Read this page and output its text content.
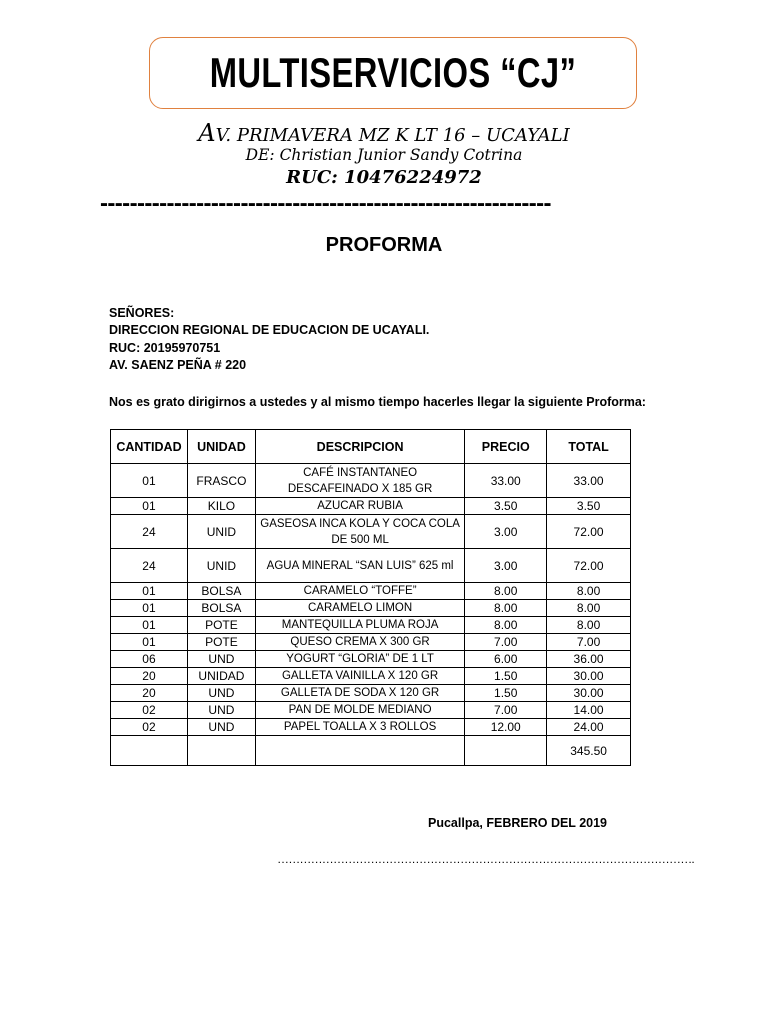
MULTISERVICIOS “CJ”
AV. PRIMAVERA MZ K LT 16 – UCAYALI
DE: Christian Junior Sandy Cotrina
RUC: 10476224972
-------------------------------------------------------------
PROFORMA
SEÑORES:
DIRECCION REGIONAL DE EDUCACION DE UCAYALI.
RUC: 20195970751
AV. SAENZ PEÑA # 220
Nos es grato dirigirnos a ustedes y al mismo tiempo hacerles llegar la siguiente Proforma:
CANTIDAD	UNIDAD	DESCRIPCION	PRECIO	TOTAL
01	FRASCO	CAFÉ INSTANTANEO DESCAFEINADO X 185 GR	33.00	33.00
01	KILO	AZUCAR RUBIA	3.50	3.50
24	UNID	GASEOSA INCA KOLA Y COCA COLA DE 500 ML	3.00	72.00
24	UNID	AGUA MINERAL “SAN LUIS” 625 ml	3.00	72.00
01	BOLSA	CARAMELO “TOFFE”	8.00	8.00
01	BOLSA	CARAMELO LIMON	8.00	8.00
01	POTE	MANTEQUILLA PLUMA ROJA	8.00	8.00
01	POTE	QUESO CREMA X 300 GR	7.00	7.00
06	UND	YOGURT “GLORIA” DE 1 LT	6.00	36.00
20	UNIDAD	GALLETA VAINILLA X 120 GR	1.50	30.00
20	UND	GALLETA DE SODA X 120 GR	1.50	30.00
02	UND	PAN DE MOLDE MEDIANO	7.00	14.00
02	UND	PAPEL TOALLA X 3 ROLLOS	12.00	24.00
				345.50
Pucallpa, FEBRERO DEL 2019
………………………………………………………………………………………………….
